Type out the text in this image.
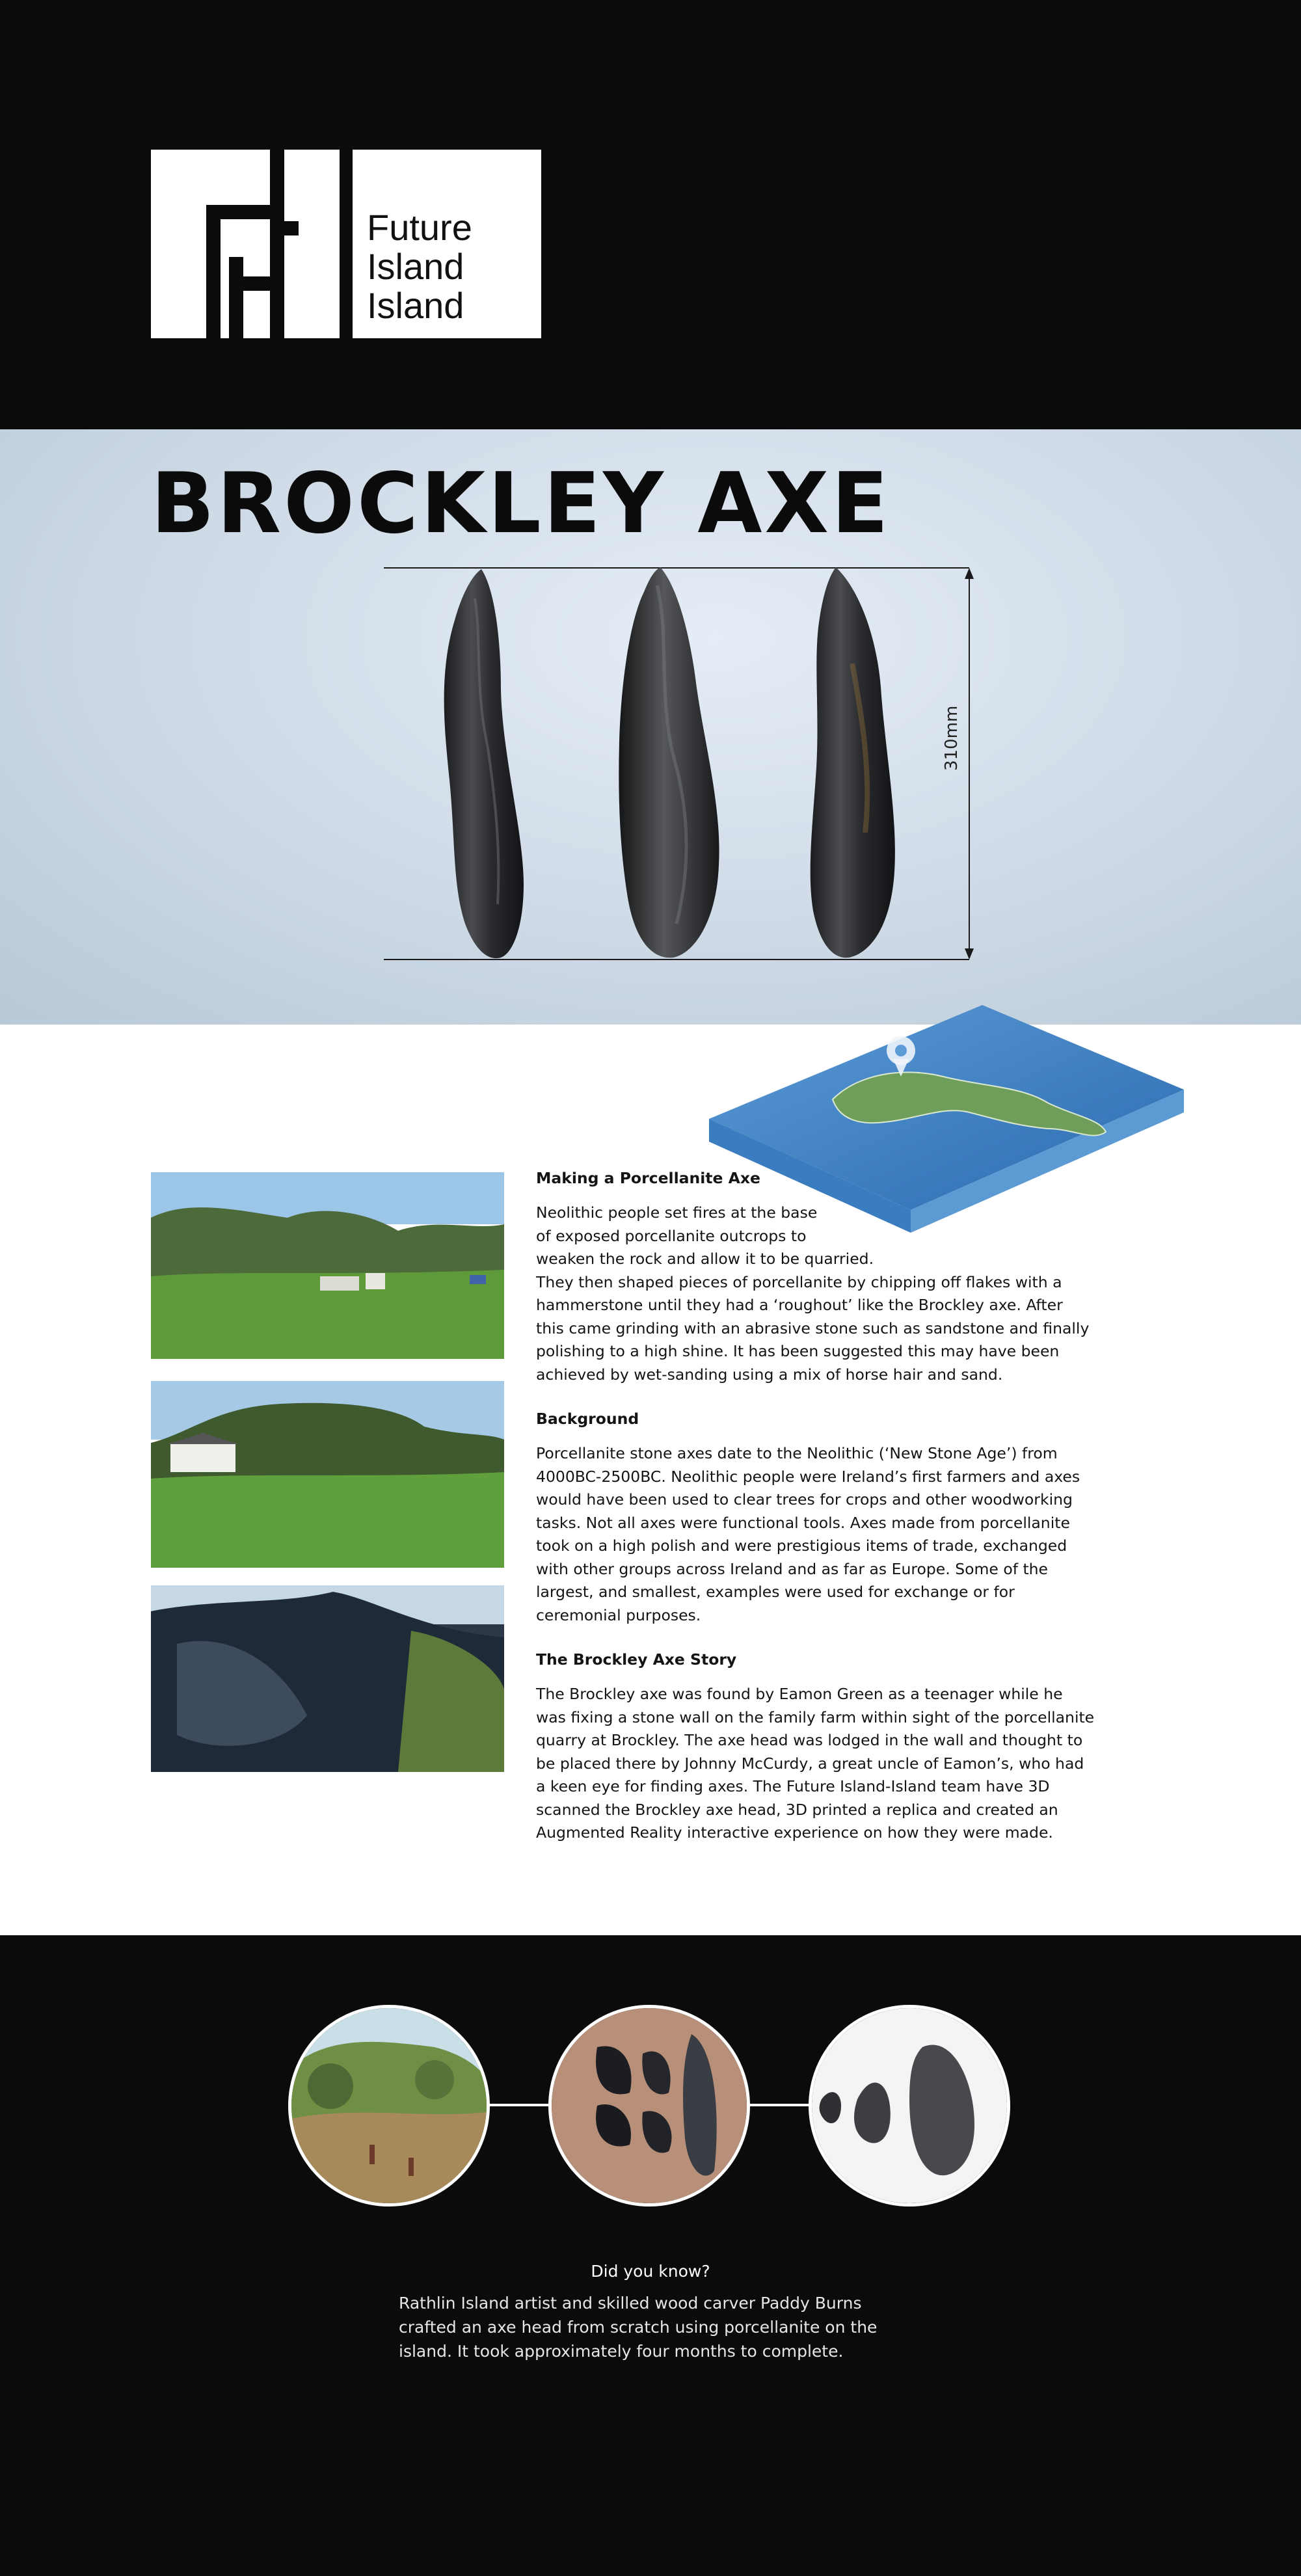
Future
Island
Island
BROCKLEY AXE
310mm
Making a Porcellanite Axe

Neolithic people set fires at the base

of exposed porcellanite outcrops to

weaken the rock and allow it to be quarried.

They then shaped pieces of porcellanite by chipping off flakes with a hammerstone until they had a ‘roughout’ like the Brockley axe. After this came grinding with an abrasive stone such as sandstone and finally polishing to a high shine. It has been suggested this may have been achieved by wet-sanding using a mix of horse hair and sand.

Background

Porcellanite stone axes date to the Neolithic (‘New Stone Age’) from 4000BC-2500BC. Neolithic people were Ireland’s first farmers and axes would have been used to clear trees for crops and other woodworking tasks. Not all axes were functional tools. Axes made from porcellanite took on a high polish and were prestigious items of trade, exchanged with other groups across Ireland and as far as Europe. Some of the largest, and smallest, examples were used for exchange or for ceremonial purposes.

The Brockley Axe Story

The Brockley axe was found by Eamon Green as a teenager while he was fixing a stone wall on the family farm within sight of the porcellanite quarry at Brockley. The axe head was lodged in the wall and thought to be placed there by Johnny McCurdy, a great uncle of Eamon’s, who had a keen eye for finding axes. The Future Island-Island team have 3D scanned the Brockley axe head, 3D printed a replica and created an Augmented Reality interactive experience on how they were made.

Did you know?
Rathlin Island artist and skilled wood carver Paddy Burns crafted an axe head from scratch using porcellanite on the island. It took approximately four months to complete.
